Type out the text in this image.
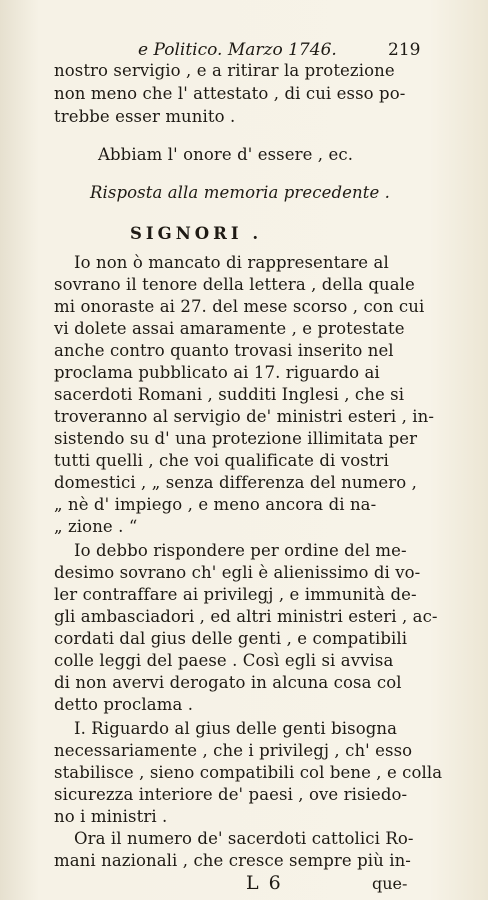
e Politico. Marzo 1746.	219
nostro servigio , e a ritirar la protezione
non meno che l' attestato , di cui esso po-
trebbe esser munito .
Abbiam l' onore d' essere , ec.
Risposta alla memoria precedente .
SIGNORI .
Io non ò mancato di rappresentare al
sovrano il tenore della lettera , della quale
mi onoraste ai 27. del mese scorso , con cui
vi dolete assai amaramente , e protestate
anche contro quanto trovasi inserito nel
proclama pubblicato ai 17. riguardo ai
sacerdoti Romani , sudditi Inglesi , che si
troveranno al servigio de' ministri esteri , in-
sistendo su d' una protezione illimitata per
tutti quelli , che voi qualificate di vostri
domestici , „ senza differenza del numero ,
„ nè d' impiego , e meno ancora di na-
„ zione . “
Io debbo rispondere per ordine del me-
desimo sovrano ch' egli è alienissimo di vo-
ler contraffare ai privilegj , e immunità de-
gli ambasciadori , ed altri ministri esteri , ac-
cordati dal gius delle genti , e compatibili
colle leggi del paese . Così egli si avvisa
di non avervi derogato in alcuna cosa col
detto proclama .
I. Riguardo al gius delle genti bisogna
necessariamente , che i privilegj , ch' esso
stabilisce , sieno compatibili col bene , e colla
sicurezza interiore de' paesi , ove risiedo-
no i ministri .
Ora il numero de' sacerdoti cattolici Ro-
mani nazionali , che cresce sempre più in-
L 6	que-
